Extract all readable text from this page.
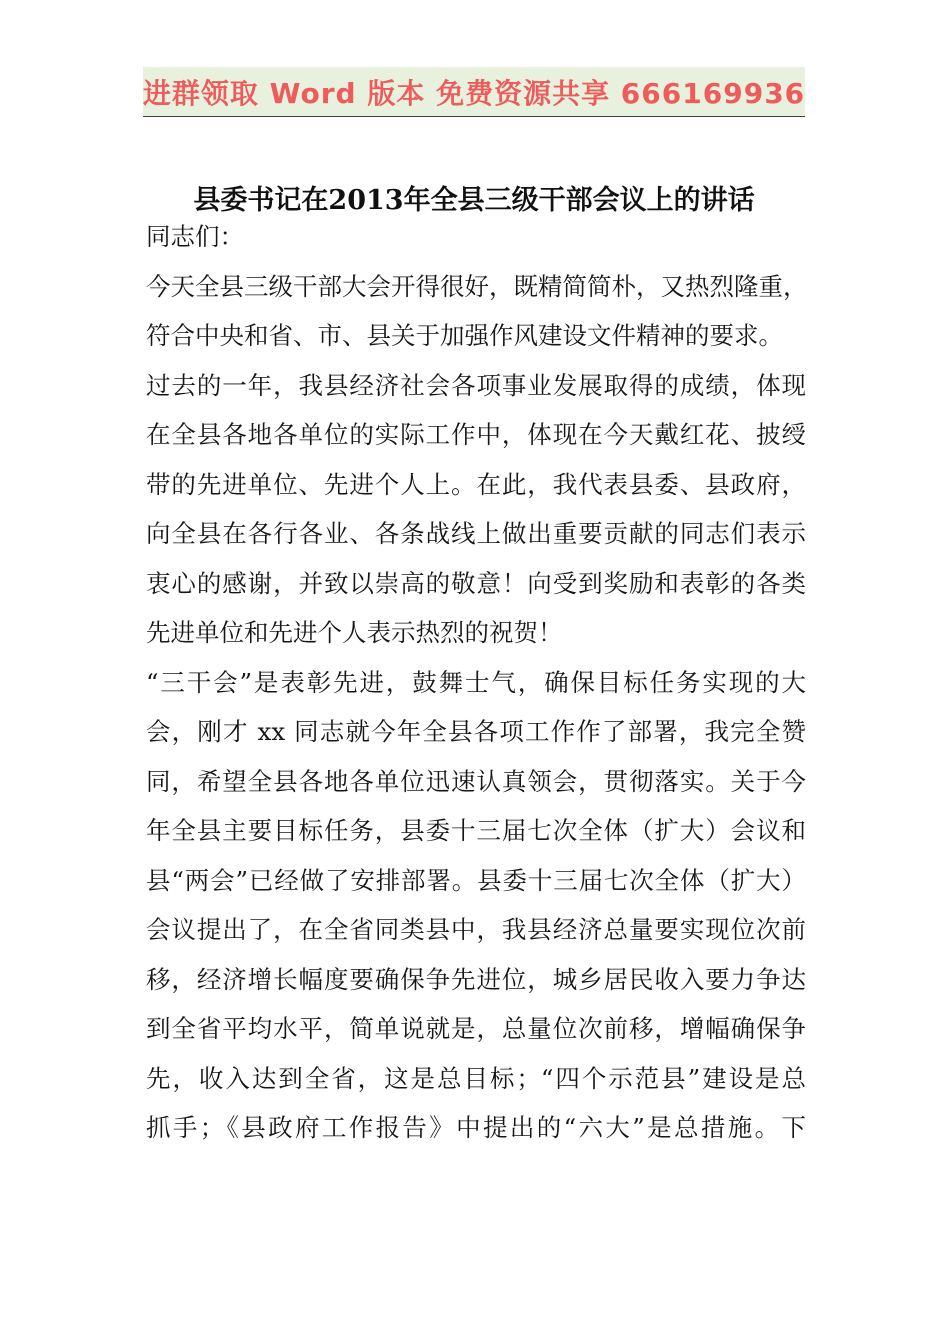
进群领取 Word 版本 免费资源共享 666169936
县委书记在2013年全县三级干部会议上的讲话
同志们：
今天全县三级干部大会开得很好，既精简简朴，又热烈隆重，
符合中央和省、市、县关于加强作风建设文件精神的要求。
过去的一年，我县经济社会各项事业发展取得的成绩，体现
在全县各地各单位的实际工作中，体现在今天戴红花、披绶
带的先进单位、先进个人上。在此，我代表县委、县政府，
向全县在各行各业、各条战线上做出重要贡献的同志们表示
衷心的感谢，并致以崇高的敬意！向受到奖励和表彰的各类
先进单位和先进个人表示热烈的祝贺！
“三干会”是表彰先进，鼓舞士气，确保目标任务实现的大
会，刚才 xx 同志就今年全县各项工作作了部署，我完全赞
同，希望全县各地各单位迅速认真领会，贯彻落实。关于今
年全县主要目标任务，县委十三届七次全体（扩大）会议和
县“两会”已经做了安排部署。县委十三届七次全体（扩大）
会议提出了，在全省同类县中，我县经济总量要实现位次前
移，经济增长幅度要确保争先进位，城乡居民收入要力争达
到全省平均水平，简单说就是，总量位次前移，增幅确保争
先，收入达到全省，这是总目标；“四个示范县”建设是总
抓手；《县政府工作报告》中提出的“六大”是总措施。下
